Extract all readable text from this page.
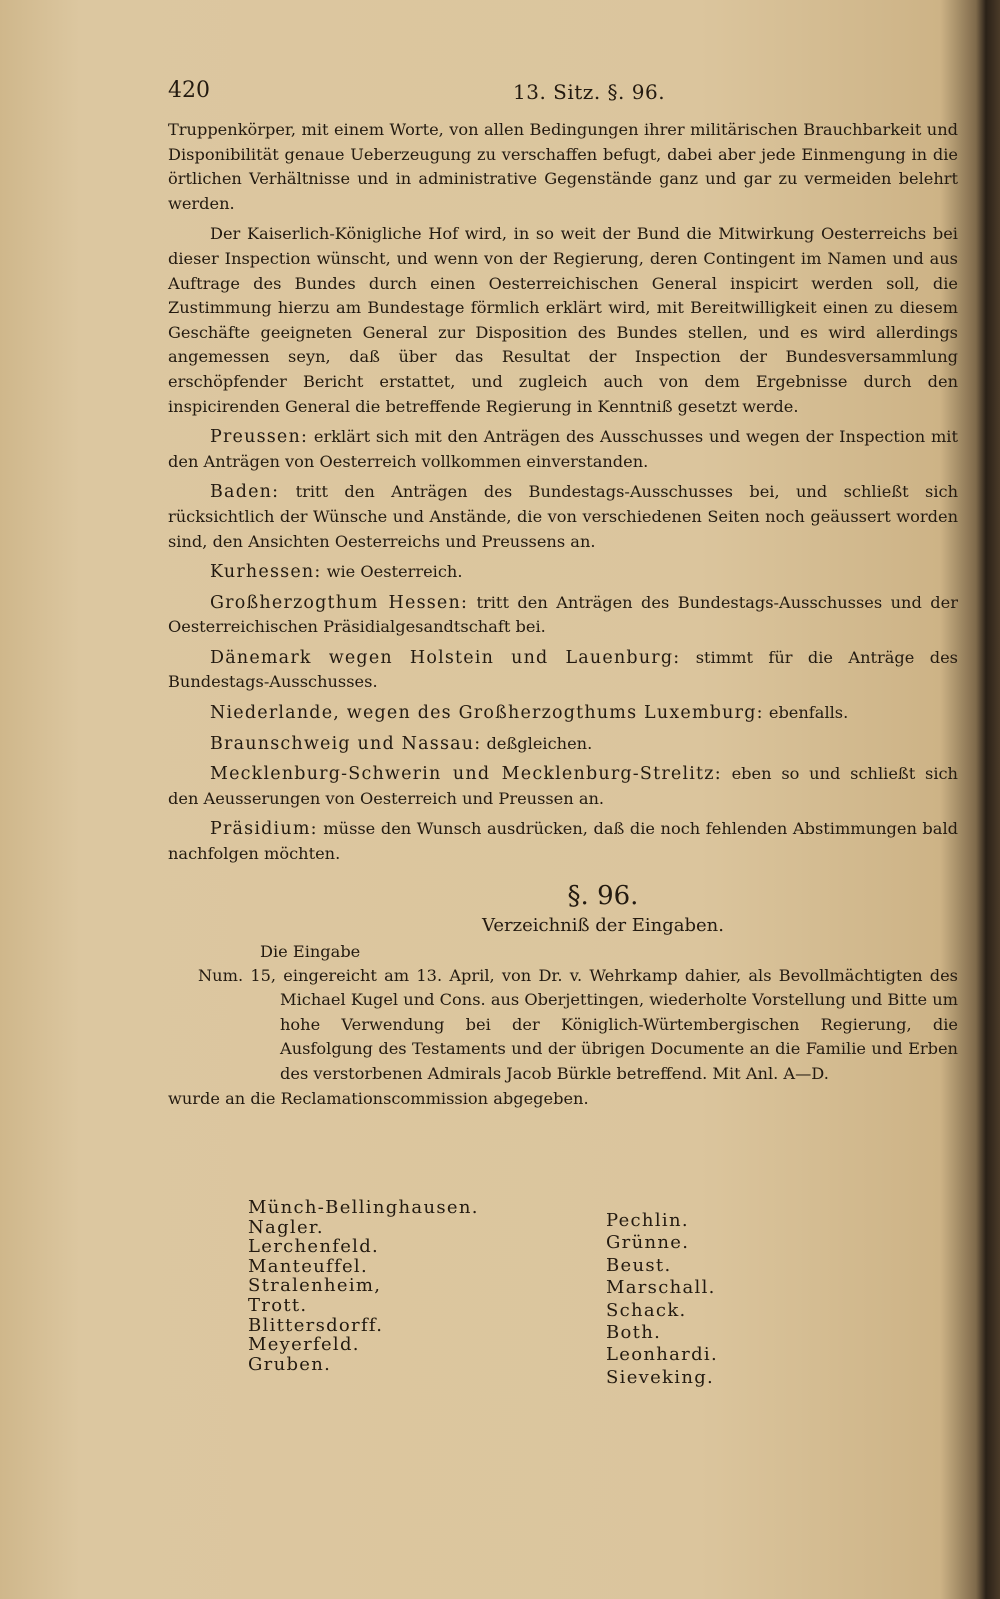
420	13. Sitz. §. 96.

Truppenkörper, mit einem Worte, von allen Bedingungen ihrer militärischen Brauchbarkeit und Disponibilität genaue Ueberzeugung zu verschaffen befugt, dabei aber jede Einmengung in die örtlichen Verhältnisse und in administrative Gegenstände ganz und gar zu vermeiden belehrt werden.

Der Kaiserlich-Königliche Hof wird, in so weit der Bund die Mitwirkung Oesterreichs bei dieser Inspection wünscht, und wenn von der Regierung, deren Contingent im Namen und aus Auftrage des Bundes durch einen Oesterreichischen General inspicirt werden soll, die Zustimmung hierzu am Bundestage förmlich erklärt wird, mit Bereitwilligkeit einen zu diesem Geschäfte geeigneten General zur Disposition des Bundes stellen, und es wird allerdings angemessen seyn, daß über das Resultat der Inspection der Bundesversammlung erschöpfender Bericht erstattet, und zugleich auch von dem Ergebnisse durch den inspicirenden General die betreffende Regierung in Kenntniß gesetzt werde.

Preussen: erklärt sich mit den Anträgen des Ausschusses und wegen der Inspection mit den Anträgen von Oesterreich vollkommen einverstanden.

Baden: tritt den Anträgen des Bundestags-Ausschusses bei, und schließt sich rücksichtlich der Wünsche und Anstände, die von verschiedenen Seiten noch geäussert worden sind, den Ansichten Oesterreichs und Preussens an.

Kurhessen: wie Oesterreich.

Großherzogthum Hessen: tritt den Anträgen des Bundestags-Ausschusses und der Oesterreichischen Präsidialgesandtschaft bei.

Dänemark wegen Holstein und Lauenburg: stimmt für die Anträge des Bundestags-Ausschusses.

Niederlande, wegen des Großherzogthums Luxemburg: ebenfalls.

Braunschweig und Nassau: deßgleichen.

Mecklenburg-Schwerin und Mecklenburg-Strelitz: eben so und schließt sich den Aeusserungen von Oesterreich und Preussen an.

Präsidium: müsse den Wunsch ausdrücken, daß die noch fehlenden Abstimmungen bald nachfolgen möchten.

§. 96.
Verzeichniß der Eingaben.

Die Eingabe

Num. 15, eingereicht am 13. April, von Dr. v. Wehrkamp dahier, als Bevollmächtigten des Michael Kugel und Cons. aus Oberjettingen, wiederholte Vorstellung und Bitte um hohe Verwendung bei der Königlich-Würtembergischen Regierung, die Ausfolgung des Testaments und der übrigen Documente an die Familie und Erben des verstorbenen Admirals Jacob Bürkle betreffend. Mit Anl. A—D.

wurde an die Reclamationscommission abgegeben.

Münch-Bellinghausen.
Nagler.
Lerchenfeld.
Manteuffel.
Stralenheim,
Trott.
Blittersdorff.
Meyerfeld.
Gruben.
Pechlin.
Grünne.
Beust.
Marschall.
Schack.
Both.
Leonhardi.
Sieveking.
